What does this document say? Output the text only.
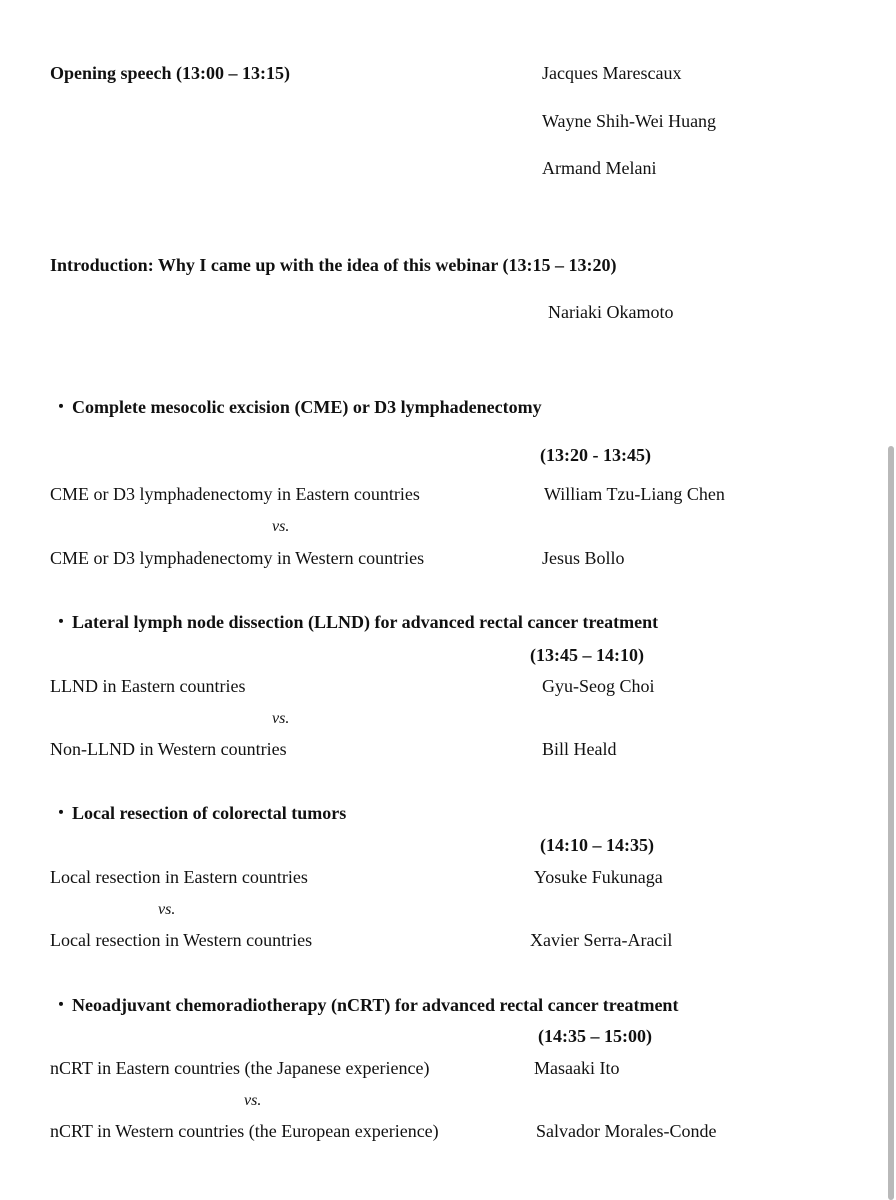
Opening speech (13:00 – 13:15)	Jacques Marescaux
Wayne Shih-Wei Huang
Armand Melani
Introduction: Why I came up with the idea of this webinar (13:15 – 13:20)
Nariaki Okamoto
・ Complete mesocolic excision (CME) or D3 lymphadenectomy
(13:20 - 13:45)
CME or D3 lymphadenectomy in Eastern countries	William Tzu-Liang Chen
vs.
CME or D3 lymphadenectomy in Western countries	Jesus Bollo
・ Lateral lymph node dissection (LLND) for advanced rectal cancer treatment
(13:45 – 14:10)
LLND in Eastern countries	Gyu-Seog Choi
vs.
Non-LLND in Western countries	Bill Heald
・ Local resection of colorectal tumors
(14:10 – 14:35)
Local resection in Eastern countries	Yosuke Fukunaga
vs.
Local resection in Western countries	Xavier Serra-Aracil
・ Neoadjuvant chemoradiotherapy (nCRT) for advanced rectal cancer treatment
(14:35 – 15:00)
nCRT in Eastern countries (the Japanese experience)	Masaaki Ito
vs.
nCRT in Western countries (the European experience)	Salvador Morales-Conde
